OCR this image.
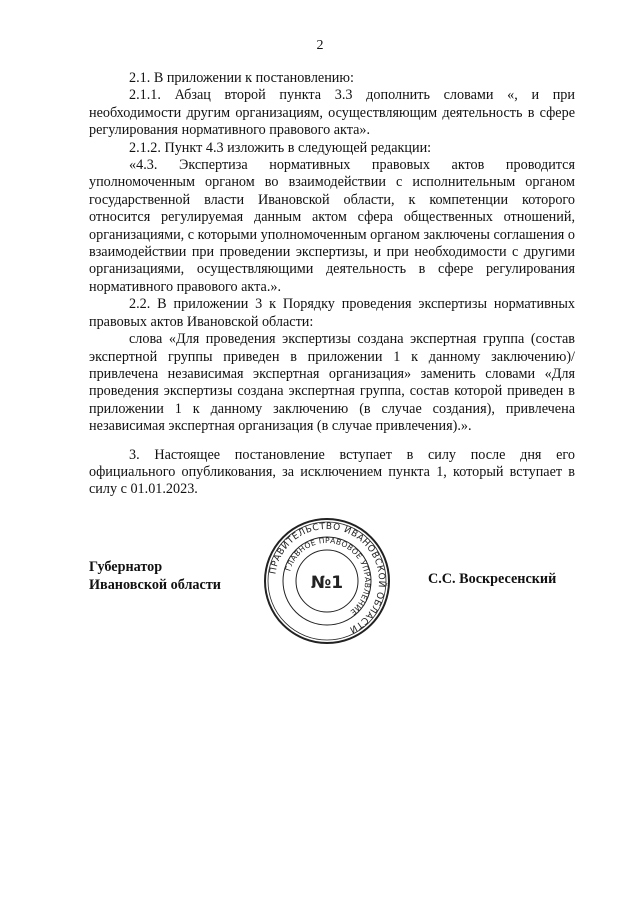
2

2.1. В приложении к постановлению:

2.1.1. Абзац второй пункта 3.3 дополнить словами «, и при необходимости другим организациям, осуществляющим деятельность в сфере регулирования нормативного правового акта».

2.1.2. Пункт 4.3 изложить в следующей редакции:

«4.3. Экспертиза нормативных правовых актов проводится уполномоченным органом во взаимодействии с исполнительным органом государственной власти Ивановской области, к компетенции которого относится регулируемая данным актом сфера общественных отношений, организациями, с которыми уполномоченным органом заключены соглашения о взаимодействии при проведении экспертизы, и при необходимости с другими организациями, осуществляющими деятельность в сфере регулирования нормативного правового акта.».

2.2. В приложении 3 к Порядку проведения экспертизы нормативных правовых актов Ивановской области:

слова «Для проведения экспертизы создана экспертная группа (состав экспертной группы приведен в приложении 1 к данному заключению)/привлечена независимая экспертная организация» заменить словами «Для проведения экспертизы создана экспертная группа, состав которой приведен в приложении 1 к данному заключению (в случае создания), привлечена независимая экспертная организация (в случае привлечения).».

3. Настоящее постановление вступает в силу после дня его официального опубликования, за исключением пункта 1, который вступает в силу с 01.01.2023.

Губернатор
Ивановской области	С.С. Воскресенский
ПРАВИТЕЛЬСТВО ИВАНОВСКОЙ ОБЛАСТИ
ГЛАВНОЕ ПРАВОВОЕ УПРАВЛЕНИЕ
№1
